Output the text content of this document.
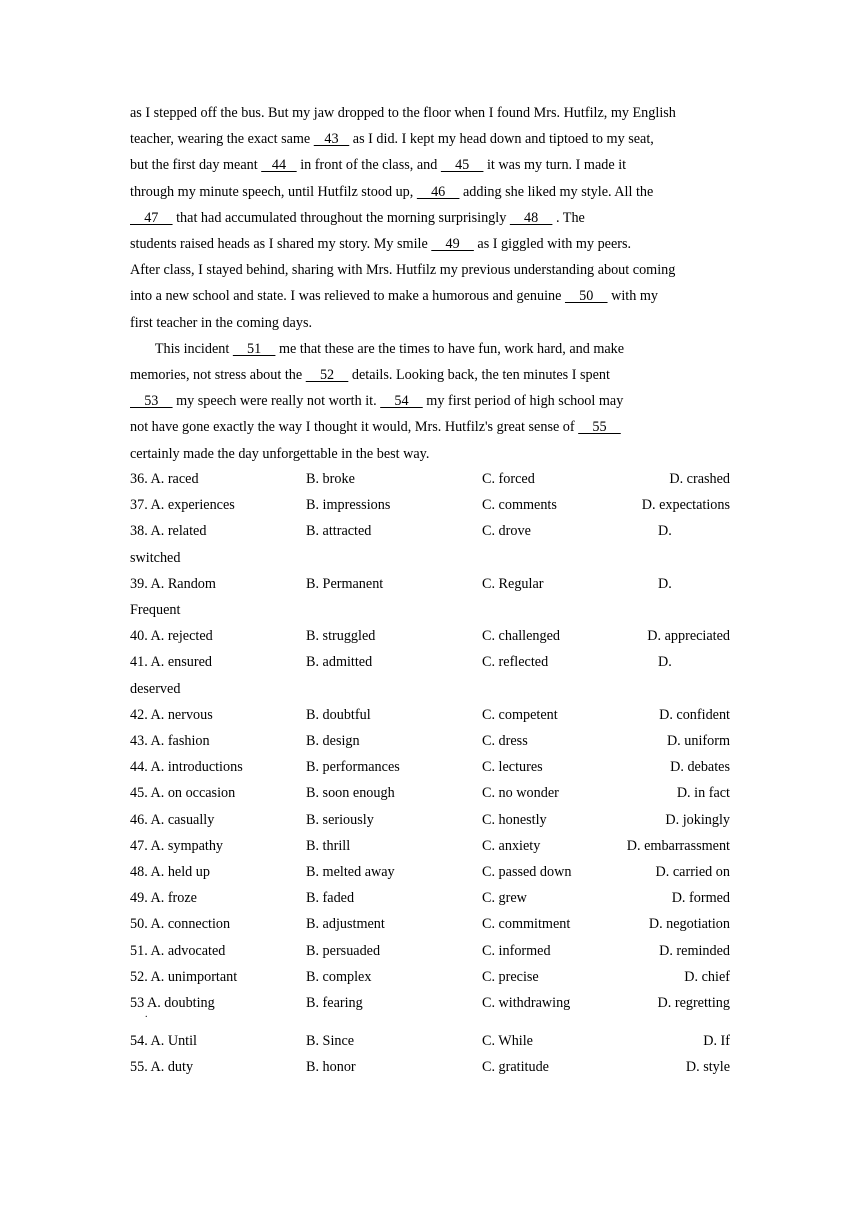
as I stepped off the bus. But my jaw dropped to the floor when I found Mrs. Hutfilz, my English
teacher, wearing the exact same    43    as I did. I kept my head down and tiptoed to my seat,
but the first day meant    44    in front of the class, and     45     it was my turn. I made it
through my minute speech, until Hutfilz stood up,     46     adding she liked my style. All the
47     that had accumulated throughout the morning surprisingly     48     . The
students raised heads as I shared my story. My smile     49     as I giggled with my peers.
After class, I stayed behind, sharing with Mrs. Hutfilz my previous understanding about coming
into a new school and state. I was relieved to make a humorous and genuine     50     with my
first teacher in the coming days.
This incident     51     me that these are the times to have fun, work hard, and make
memories, not stress about the     52     details. Looking back, the ten minutes I spent
53     my speech were really not worth it.     54     my first period of high school may
not have gone exactly the way I thought it would, Mrs. Hutfilz's great sense of     55
certainly made the day unforgettable in the best way.
36. A. raced	B. broke	C. forced	D. crashed
37. A. experiences	B. impressions	C. comments	D. expectations
38. A. related	B. attracted	C. drove	D.
switched
39. A. Random	B. Permanent	C. Regular	D.
Frequent
40. A. rejected	B. struggled	C. challenged	D. appreciated
41. A. ensured	B. admitted	C. reflected	D.
deserved
42. A. nervous	B. doubtful	C. competent	D. confident
43. A. fashion	B. design	C. dress	D. uniform
44. A. introductions	B. performances	C. lectures	D. debates
45. A. on occasion	B. soon enough	C. no wonder	D. in fact
46. A. casually	B. seriously	C. honestly	D. jokingly
47. A. sympathy	B. thrill	C. anxiety	D. embarrassment
48. A. held up	B. melted away	C. passed down	D. carried on
49. A. froze	B. faded	C. grew	D. formed
50. A. connection	B. adjustment	C. commitment	D. negotiation
51. A. advocated	B. persuaded	C. informed	D. reminded
52. A. unimportant	B. complex	C. precise	D. chief
53 A. doubting	B. fearing	C. withdrawing	D. regretting
.
54. A. Until	B. Since	C. While	D. If
55. A. duty	B. honor	C. gratitude	D. style
